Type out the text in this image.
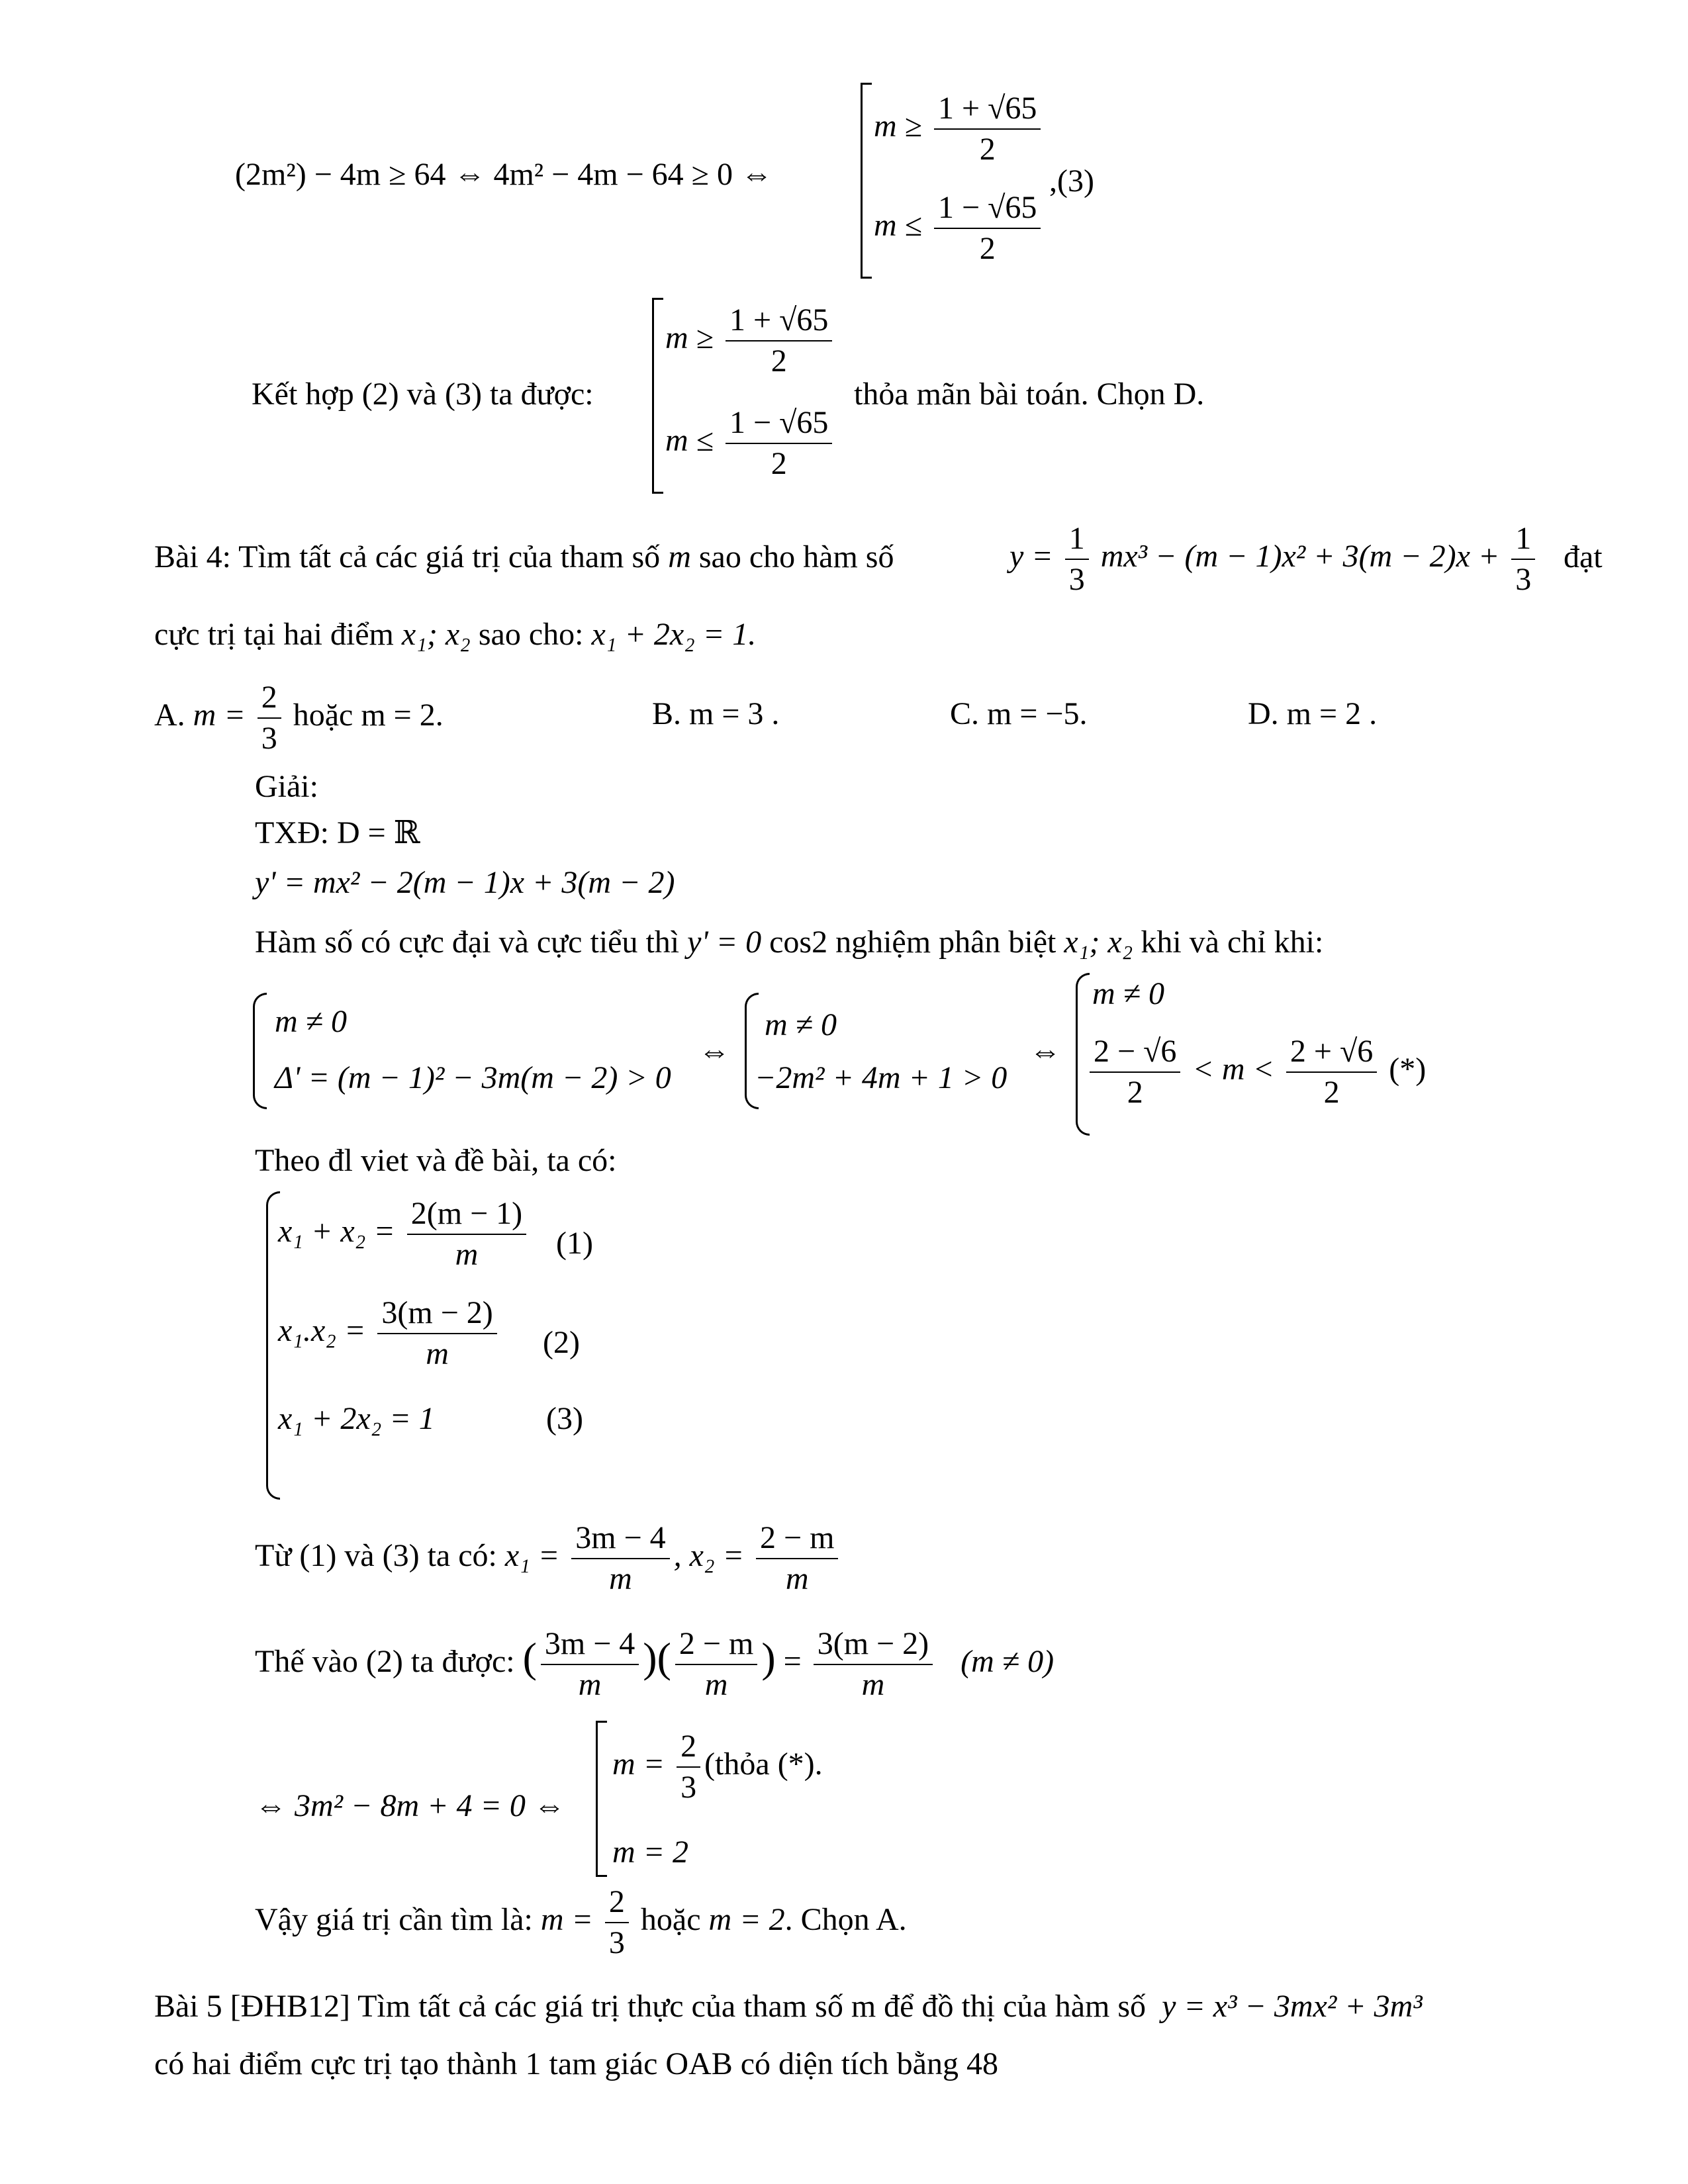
(2m²) − 4m ≥ 64 ⇔ 4m² − 4m − 64 ≥ 0 ⇔
$m \ge \frac{1 + √65}{2}$
,(3)
$m \le \frac{1 - √65}{2}$
Kết hợp (2) và (3) ta được:
$m \ge \frac{1 + √65}{2}$
$m \le \frac{1 - √65}{2}$
thỏa mãn bài toán. Chọn D.
Bài 4: Tìm tất cả các giá trị của tham số m sao cho hàm số	$y = \frac{1}{3} mx^3 - (m - 1)x^2 + 3(m - 2)x + \frac{1}{3}$ đạt
cực trị tại hai điểm x₁; x₂ sao cho: x₁ + 2x₂ = 1.
A. $m = \frac{2}{3}$ hoặc m = 2.	B. m = 3 .	C. m = −5.	D. m = 2 .
Giải:
TXĐ: D = ℝ
y' = mx² − 2(m − 1)x + 3(m − 2)
Hàm số có cực đại và cực tiểu thì y' = 0 cos2 nghiệm phân biệt x₁; x₂ khi và chỉ khi:
m ≠ 0
Δ' = (m − 1)² − 3m(m − 2) > 0
⇔
m ≠ 0
−2m² + 4m + 1 > 0
⇔
m ≠ 0
$\frac{2 - √6}{2} < m < \frac{2 + √6}{2}$ (*)
Theo đl viet và đề bài, ta có:
$x_1 + x_2 = \frac{2(m - 1)}{m} (1)$
$x_1.x_2 = \frac{3(m - 2)}{m} (2)$
x₁ + 2x₂ = 1	(3)
Từ (1) và (3) ta có: $x_1 = \frac{3m - 4}{m}$ , $x_2 = \frac{2 - m}{m}$
Thế vào (2) ta được: ( $\frac{3m - 4}{m}$ )( $\frac{2 - m}{m}$ ) = $\frac{3(m - 2)}{m} (m \ne 0)$
⇔ 3m² − 8m + 4 = 0 ⇔
$m = \frac{2}{3}$ (thỏa (*).
m = 2
Vậy giá trị cần tìm là: $m = \frac{2}{3}$ hoặc m = 2. Chọn A.
Bài 5 [ĐHB12] Tìm tất cả các giá trị thực của tham số m để đồ thị của hàm số y = x³ − 3mx² + 3m³
có hai điểm cực trị tạo thành 1 tam giác OAB có diện tích bằng 48
